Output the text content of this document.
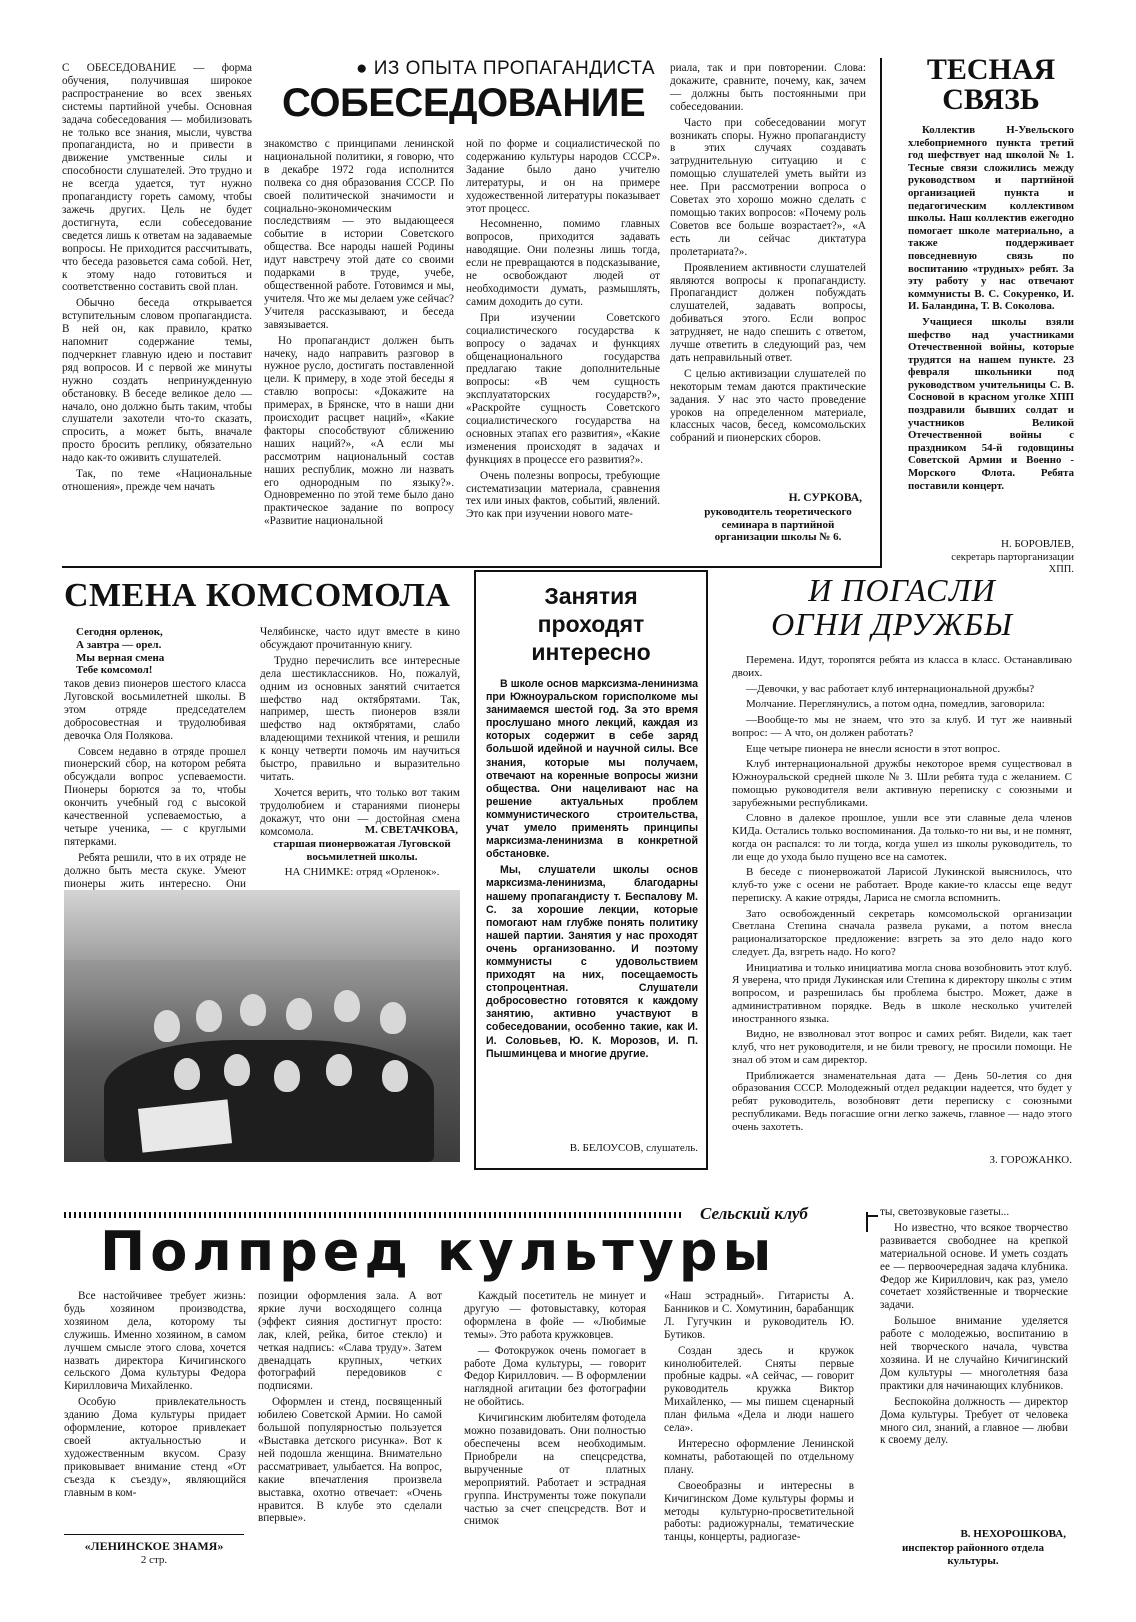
С ОБЕСЕДОВАНИЕ — форма обучения, получившая широкое распространение во всех звеньях системы партийной учебы. Основная задача собеседования — мобилизовать не только все знания, мысли, чувства пропагандиста, но и привести в движение умственные силы и способности слушателей. Это трудно и не всегда удается, тут нужно пропагандисту гореть самому, чтобы зажечь других. Цель не будет достигнута, если собеседование сведется лишь к ответам на задаваемые вопросы. Не приходится рассчитывать, что беседа разовьется сама собой. Нет, к этому надо готовиться и соответственно составить свой план.

Обычно беседа открывается вступительным словом пропагандиста. В ней он, как правило, кратко напомнит содержание темы, подчеркнет главную идею и поставит ряд вопросов. И с первой же минуты нужно создать непринужденную обстановку. В беседе великое дело — начало, оно должно быть таким, чтобы слушатели захотели что-то сказать, спросить, а может быть, вначале просто бросить реплику, обязательно надо как-то оживить слушателей.

Так, по теме «Национальные отношения», прежде чем начать

● ИЗ ОПЫТА ПРОПАГАНДИСТА
СОБЕСЕДОВАНИЕ

знакомство с принципами ленинской национальной политики, я говорю, что в декабре 1972 года исполнится полвека со дня образования СССР. По своей политической значимости и социально-экономическим последствиям — это выдающееся событие в истории Советского общества. Все народы нашей Родины идут навстречу этой дате со своими подарками в труде, учебе, общественной работе. Готовимся и мы, учителя. Что же мы делаем уже сейчас? Учителя рассказывают, и беседа завязывается.

Но пропагандист должен быть начеку, надо направить разговор в нужное русло, достигать поставленной цели. К примеру, в ходе этой беседы я ставлю вопросы: «Докажите на примерах, в Брянске, что в наши дни происходит расцвет наций», «Какие факторы способствуют сближению наших наций?», «А если мы рассмотрим национальный состав наших республик, можно ли назвать его однородным по языку?». Одновременно по этой теме было дано практическое задание по вопросу «Развитие национальной

ной по форме и социалистической по содержанию культуры народов СССР». Задание было дано учителю литературы, и он на примере художественной литературы показывает этот процесс.

Несомненно, помимо главных вопросов, приходится задавать наводящие. Они полезны лишь тогда, если не превращаются в подсказывание, не освобождают людей от необходимости думать, размышлять, самим доходить до сути.

При изучении Советского социалистического государства к вопросу о задачах и функциях общенационального государства предлагаю такие дополнительные вопросы: «В чем сущность эксплуататорских государств?», «Раскройте сущность Советского социалистического государства на основных этапах его развития», «Какие изменения происходят в задачах и функциях в процессе его развития?».

Очень полезны вопросы, требующие систематизации материала, сравнения тех или иных фактов, событий, явлений. Это как при изучении нового мате-

риала, так и при повторении. Слова: докажите, сравните, почему, как, зачем — должны быть постоянными при собеседовании.

Часто при собеседовании могут возникать споры. Нужно пропагандисту в этих случаях создавать затруднительную ситуацию и с помощью слушателей уметь выйти из нее. При рассмотрении вопроса о Советах это хорошо можно сделать с помощью таких вопросов: «Почему роль Советов все больше возрастает?», «А есть ли сейчас диктатура пролетариата?».

Проявлением активности слушателей являются вопросы к пропагандисту. Пропагандист должен побуждать слушателей, задавать вопросы, добиваться этого. Если вопрос затрудняет, не надо спешить с ответом, лучше ответить в следующий раз, чем дать неправильный ответ.

С целью активизации слушателей по некоторым темам даются практические задания. У нас это часто проведение уроков на определенном материале, классных часов, бесед, комсомольских собраний и пионерских сборов.

Н. СУРКОВА,
руководитель теоретического семинара в партийной организации школы № 6.
ТЕСНАЯ
СВЯЗЬ

Коллектив Н-Увельского хлебоприемного пункта третий год шефствует над школой № 1. Тесные связи сложились между руководством и партийной организацией пункта и педагогическим коллективом школы. Наш коллектив ежегодно помогает школе материально, а также поддерживает повседневную связь по воспитанию «трудных» ребят. За эту работу у нас отвечают коммунисты В. С. Сокуренко, И. И. Баландина, Т. В. Соколова.

Учащиеся школы взяли шефство над участниками Отечественной войны, которые трудятся на нашем пункте. 23 февраля школьники под руководством учительницы С. В. Сосновой в красном уголке ХПП поздравили бывших солдат и участников Великой Отечественной войны с праздником 54-й годовщины Советской Армии и Военно - Морского Флота. Ребята поставили концерт.

Н. БОРОВЛЕВ,
секретарь парторганизации ХПП.
СМЕНА КОМСОМОЛА
Сегодня орленок,
А завтра — орел.
Мы верная смена
Тебе комсомол!

таков девиз пионеров шестого класса Луговской восьмилетней школы. В этом отряде председателем добросовестная и трудолюбивая девочка Оля Полякова.

Совсем недавно в отряде прошел пионерский сбор, на котором ребята обсуждали вопрос успеваемости. Пионеры борются за то, чтобы окончить учебный год с высокой качественной успеваемостью, а четыре ученика, — с круглыми пятерками.

Ребята решили, что в их отряде не должно быть места скуке. Умеют пионеры жить интересно. Они

Челябинске, часто идут вместе в кино обсуждают прочитанную книгу.

Трудно перечислить все интересные дела шестиклассников. Но, пожалуй, одним из основных занятий считается шефство над октябрятами. Так, например, шесть пионеров взяли шефство над октябрятами, слабо владеющими техникой чтения, и решили к концу четверти помочь им научиться быстро, правильно и выразительно читать.

Хочется верить, что только вот таким трудолюбием и стараниями пионеры докажут, что они — достойная смена комсомола.	М. СВЕТАЧКОВА,
старшая пионервожатая Луговской восьмилетней школы.
НА СНИМКЕ: отряд «Орленок».
Занятия
проходят
интересно

В школе основ марксизма-ленинизма при Южноуральском горисполкоме мы занимаемся шестой год. За это время прослушано много лекций, каждая из которых содержит в себе заряд большой идейной и научной силы. Все знания, которые мы получаем, отвечают на коренные вопросы жизни общества. Они нацеливают нас на решение актуальных проблем коммунистического строительства, учат умело применять принципы марксизма-ленинизма в конкретной обстановке.

Мы, слушатели школы основ марксизма-ленинизма, благодарны нашему пропагандисту т. Беспалову М. С. за хорошие лекции, которые помогают нам глубже понять политику нашей партии. Занятия у нас проходят очень организованно. И поэтому коммунисты с удовольствием приходят на них, посещаемость стопроцентная. Слушатели добросовестно готовятся к каждому занятию, активно участвуют в собеседовании, особенно такие, как И. И. Соловьев, Ю. К. Морозов, И. П. Пышминцева и многие другие.

В. БЕЛОУСОВ, слушатель.
И ПОГАСЛИ
ОГНИ ДРУЖБЫ

Перемена. Идут, торопятся ребята из класса в класс. Останавливаю двоих.

—Девочки, у вас работает клуб интернациональной дружбы?

Молчание. Переглянулись, а потом одна, помедлив, заговорила:

—Вообще-то мы не знаем, что это за клуб. И тут же наивный вопрос: — А что, он должен работать?

Еще четыре пионера не внесли ясности в этот вопрос.

Клуб интернациональной дружбы некоторое время существовал в Южноуральской средней школе № 3. Шли ребята туда с желанием. С помощью руководителя вели активную переписку с союзными и зарубежными республиками.

Словно в далекое прошлое, ушли все эти славные дела членов КИДа. Остались только воспоминания. Да только-то ни вы, и не помнят, когда он распался: то ли тогда, когда ушел из школы руководитель, то ли еще до ухода было пущено все на самотек.

В беседе с пионервожатой Ларисой Лукинской выяснилось, что клуб-то уже с осени не работает. Вроде какие-то классы еще ведут переписку. А какие отряды, Лариса не смогла вспомнить.

Зато освобожденный секретарь комсомольской организации Светлана Степина сначала развела руками, а потом внесла рационализаторское предложение: взгреть за это дело надо кого следует. Да, взгреть надо. Но кого?

Инициатива и только инициатива могла снова возобновить этот клуб. Я уверена, что придя Лукинская или Степина к директору школы с этим вопросом, и разрешилась бы проблема быстро. Может, даже в административном порядке. Ведь в школе несколько учителей иностранного языка.

Видно, не взволновал этот вопрос и самих ребят. Видели, как тает клуб, что нет руководителя, и не били тревогу, не просили помощи. Не знал об этом и сам директор.

Приближается знаменательная дата — День 50-летия со дня образования СССР. Молодежный отдел редакции надеется, что будет у ребят руководитель, возобновят дети переписку с союзными республиками. Ведь погасшие огни легко зажечь, главное — надо этого очень захотеть.

З. ГОРОЖАНКО.
Сельский клуб
Полпред культуры

Все настойчивее требует жизнь: будь хозяином производства, хозяином дела, которому ты служишь. Именно хозяином, в самом лучшем смысле этого слова, хочется назвать директора Кичигинского сельского Дома культуры Федора Кирилловича Михайленко.

Особую привлекательность зданию Дома культуры придает оформление, которое привлекает своей актуальностью и художественным вкусом. Сразу приковывает внимание стенд «От съезда к съезду», являющийся главным в ком-

«ЛЕНИНСКОЕ ЗНАМЯ»
2 стр.

позиции оформления зала. А вот яркие лучи восходящего солнца (эффект сияния достигнут просто: лак, клей, рейка, битое стекло) и четкая надпись: «Слава труду». Затем двенадцать крупных, четких фотографий передовиков с подписями.

Оформлен и стенд, посвященный юбилею Советской Армии. Но самой большой популярностью пользуется «Выставка детского рисунка». Вот к ней подошла женщина. Внимательно рассматривает, улыбается. На вопрос, какие впечатления произвела выставка, охотно отвечает: «Очень нравится. В клубе это сделали впервые».

Каждый посетитель не минует и другую — фотовыставку, которая оформлена в фойе — «Любимые темы». Это работа кружковцев.

— Фотокружок очень помогает в работе Дома культуры, — говорит Федор Кириллович. — В оформлении наглядной агитации без фотографии не обойтись.

Кичигинским любителям фотодела можно позавидовать. Они полностью обеспечены всем необходимым. Приобрели на спецсредства, вырученные от платных мероприятий. Работает и эстрадная группа. Инструменты тоже покупали частью за счет спецсредств. Вот и снимок

«Наш эстрадный». Гитаристы А. Банников и С. Хомутинин, барабанщик Л. Гугучкин и руководитель Ю. Бутиков.

Создан здесь и кружок кинолюбителей. Сняты первые пробные кадры. «А сейчас, — говорит руководитель кружка Виктор Михайленко, — мы пишем сценарный план фильма «Дела и люди нашего села».

Интересно оформление Ленинской комнаты, работающей по отдельному плану.

Своеобразны и интересны в Кичигинском Доме культуры формы и методы культурно-просветительной работы: радиожурналы, тематические танцы, концерты, радиогазе-

ты, светозвуковые газеты...

Но известно, что всякое творчество развивается свободнее на крепкой материальной основе. И уметь создать ее — первоочередная задача клубника. Федор же Кириллович, как раз, умело сочетает хозяйственные и творческие задачи.

Большое внимание уделяется работе с молодежью, воспитанию в ней творческого начала, чувства хозяина. И не случайно Кичигинский Дом культуры — многолетняя база практики для начинающих клубников.

Беспокойна должность — директор Дома культуры. Требует от человека много сил, знаний, а главное — любви к своему делу.

В. НЕХОРОШКОВА,
инспектор районного отдела культуры.
